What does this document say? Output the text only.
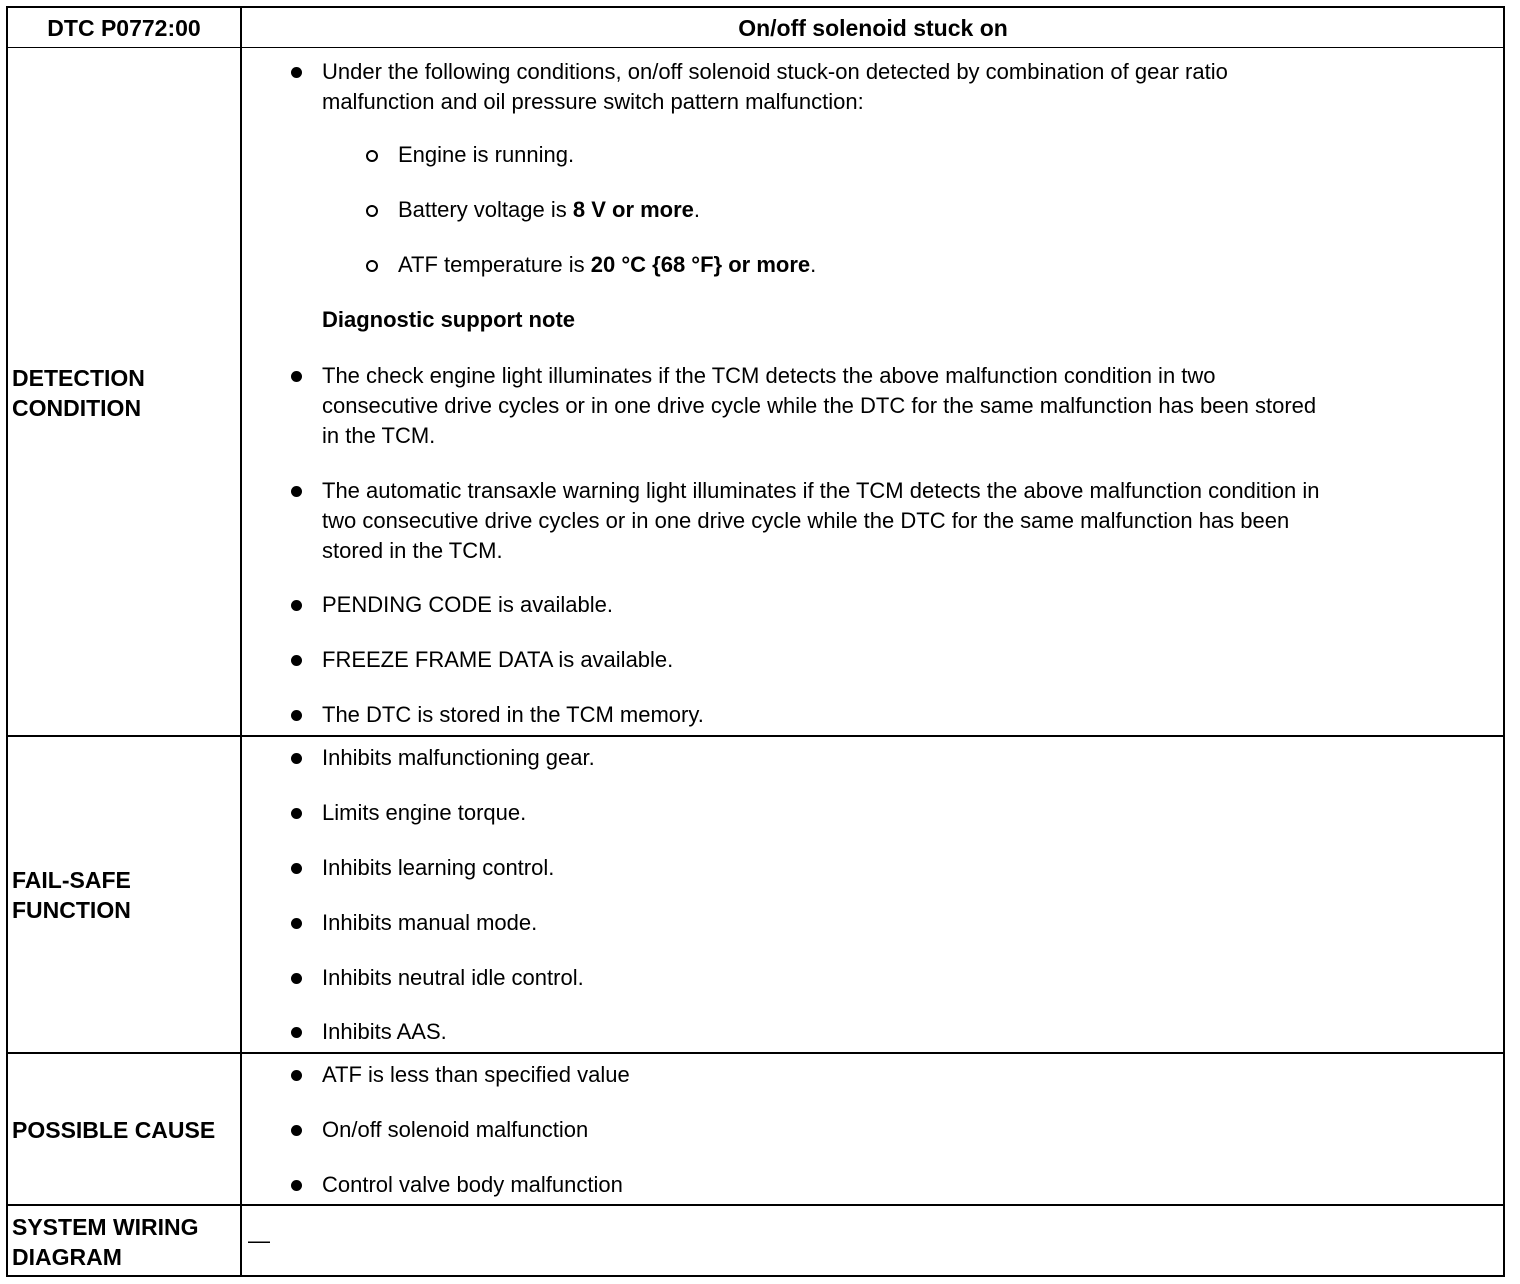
DTC P0772:00	On/off solenoid stuck on
DETECTION
CONDITION
Under the following conditions, on/off solenoid stuck-on detected by combination of gear ratio
malfunction and oil pressure switch pattern malfunction:
Engine is running.
Battery voltage is 8 V or more.
ATF temperature is 20 °C {68 °F} or more.
Diagnostic support note
The check engine light illuminates if the TCM detects the above malfunction condition in two
consecutive drive cycles or in one drive cycle while the DTC for the same malfunction has been stored
in the TCM.
The automatic transaxle warning light illuminates if the TCM detects the above malfunction condition in
two consecutive drive cycles or in one drive cycle while the DTC for the same malfunction has been
stored in the TCM.
PENDING CODE is available.
FREEZE FRAME DATA is available.
The DTC is stored in the TCM memory.
FAIL-SAFE
FUNCTION
Inhibits malfunctioning gear.
Limits engine torque.
Inhibits learning control.
Inhibits manual mode.
Inhibits neutral idle control.
Inhibits AAS.
POSSIBLE CAUSE
ATF is less than specified value
On/off solenoid malfunction
Control valve body malfunction
SYSTEM WIRING
DIAGRAM
—
